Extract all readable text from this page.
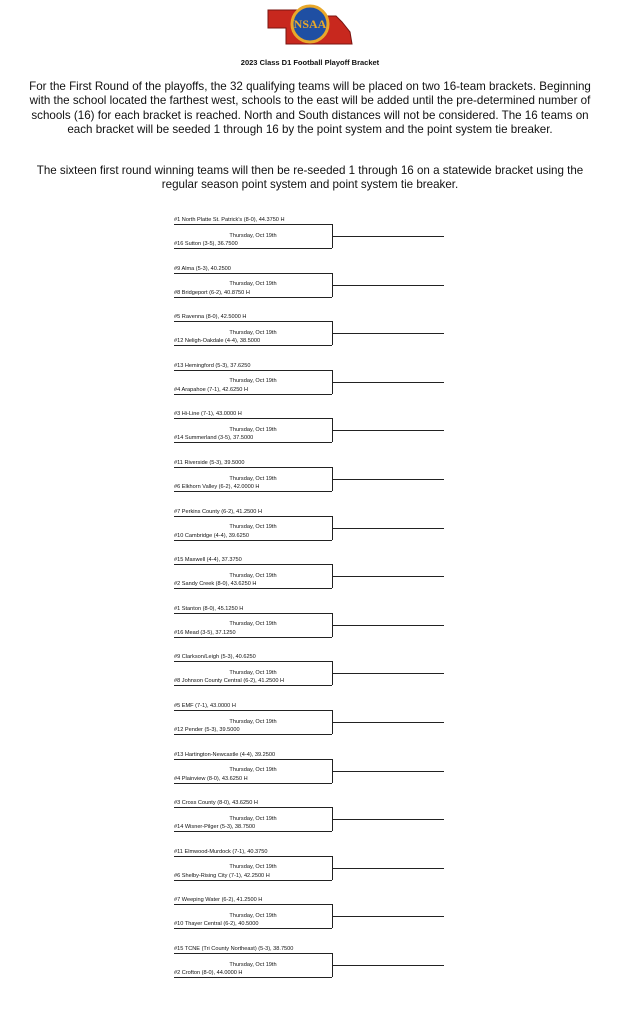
NSAA
2023 Class D1 Football Playoff Bracket

For the First Round of the playoffs, the 32 qualifying teams will be placed on two 16-team brackets. Beginning with the school located the farthest west, schools to the east will be added until the pre-determined number of schools (16) for each bracket is reached. North and South distances will not be considered. The 16 teams on each bracket will be seeded 1 through 16 by the point system and the point system tie breaker.

The sixteen first round winning teams will then be re-seeded 1 through 16 on a statewide bracket using the regular season point system and point system tie breaker.

#1 North Platte St. Patrick's (8-0), 44.3750 H
Thursday, Oct 19th
#16 Sutton (3-5), 36.7500
#9 Alma (5-3), 40.2500
Thursday, Oct 19th
#8 Bridgeport (6-2), 40.8750 H
#5 Ravenna (8-0), 42.5000 H
Thursday, Oct 19th
#12 Neligh-Oakdale (4-4), 38.5000
#13 Hemingford (5-3), 37.6250
Thursday, Oct 19th
#4 Arapahoe (7-1), 42.6250 H
#3 Hi-Line (7-1), 43.0000 H
Thursday, Oct 19th
#14 Summerland (3-5), 37.5000
#11 Riverside (5-3), 39.5000
Thursday, Oct 19th
#6 Elkhorn Valley (6-2), 42.0000 H
#7 Perkins County (6-2), 41.2500 H
Thursday, Oct 19th
#10 Cambridge (4-4), 39.6250
#15 Maxwell (4-4), 37.3750
Thursday, Oct 19th
#2 Sandy Creek (8-0), 43.6250 H
#1 Stanton (8-0), 45.1250 H
Thursday, Oct 19th
#16 Mead (3-5), 37.1250
#9 Clarkson/Leigh (5-3), 40.6250
Thursday, Oct 19th
#8 Johnson County Central (6-2), 41.2500 H
#5 EMF (7-1), 43.0000 H
Thursday, Oct 19th
#12 Pender (5-3), 39.5000
#13 Hartington-Newcastle (4-4), 39.2500
Thursday, Oct 19th
#4 Plainview (8-0), 43.6250 H
#3 Cross County (8-0), 43.6250 H
Thursday, Oct 19th
#14 Wisner-Pilger (5-3), 38.7500
#11 Elmwood-Murdock (7-1), 40.3750
Thursday, Oct 19th
#6 Shelby-Rising City (7-1), 42.2500 H
#7 Weeping Water (6-2), 41.2500 H
Thursday, Oct 19th
#10 Thayer Central (6-2), 40.5000
#15 TCNE (Tri County Northeast) (5-3), 38.7500
Thursday, Oct 19th
#2 Crofton (8-0), 44.0000 H
